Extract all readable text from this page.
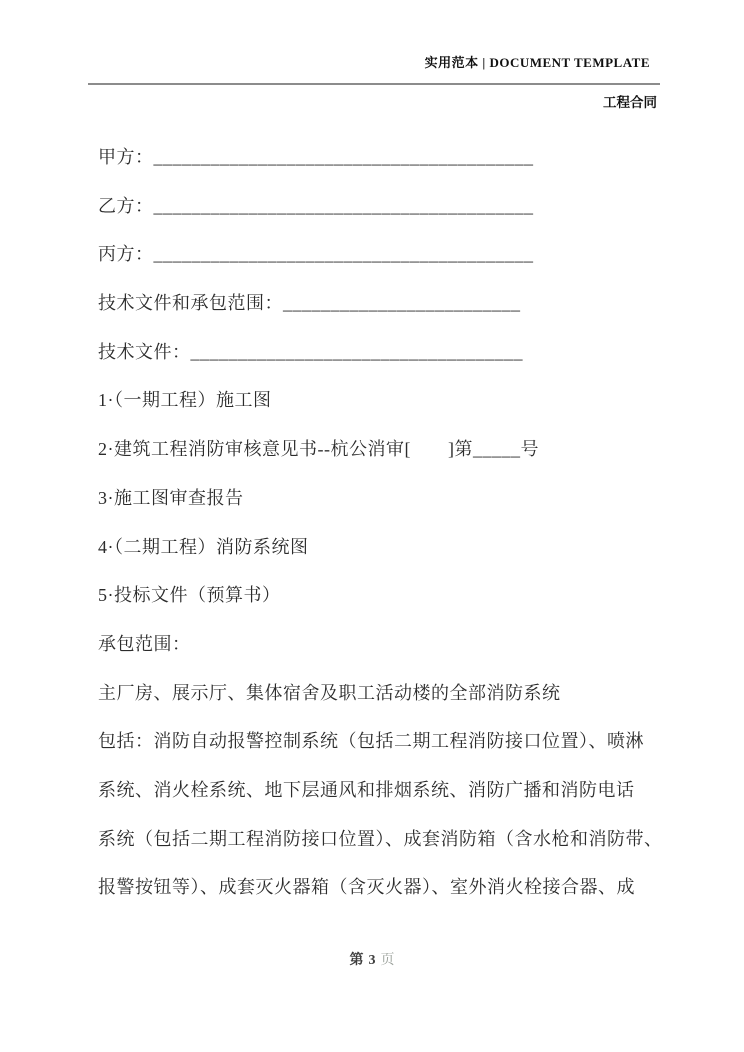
实用范本 | DOCUMENT TEMPLATE
工程合同
甲方：________________________________________
乙方：________________________________________
丙方：________________________________________
技术文件和承包范围：_________________________
技术文件：___________________________________
1·（一期工程）施工图
2·建筑工程消防审核意见书--杭公消审[　　]第_____号
3·施工图审查报告
4·（二期工程）消防系统图
5·投标文件（预算书）
承包范围：
主厂房、展示厅、集体宿舍及职工活动楼的全部消防系统
包括：消防自动报警控制系统（包括二期工程消防接口位置）、喷淋
系统、消火栓系统、地下层通风和排烟系统、消防广播和消防电话
系统（包括二期工程消防接口位置）、成套消防箱（含水枪和消防带、
报警按钮等）、成套灭火器箱（含灭火器）、室外消火栓接合器、成
第 3 页
